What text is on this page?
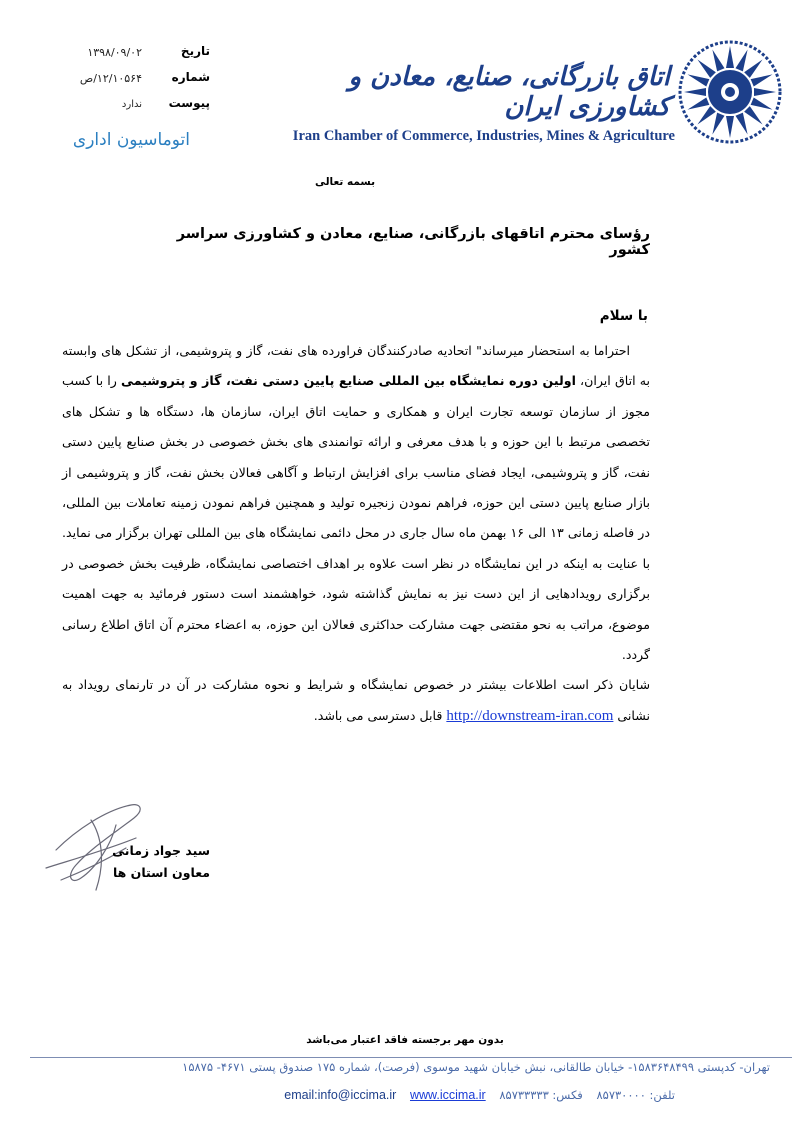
تاریخ
شماره
پیوست
۱۳۹۸/۰۹/۰۲
۱۲/۱۰۵۶۴/ص
ندارد
اتوماسیون اداری
اتاق بازرگانی، صنایع، معادن و کشاورزی ایران
Iran Chamber of Commerce, Industries, Mines & Agriculture
بسمه تعالی
رؤسای محترم اتاقهای بازرگانی، صنایع، معادن و کشاورزی سراسر کشور
با سلام

احتراما به استحضار میرساند" اتحادیه صادرکنندگان فراورده های نفت، گاز و پتروشیمی، از تشکل های وابسته به اتاق ایران، اولین دوره نمایشگاه بین المللی صنایع پایین دستی نفت، گاز و پتروشیمی را با کسب مجوز از سازمان توسعه تجارت ایران و همکاری و حمایت اتاق ایران، سازمان ها، دستگاه ها و تشکل های تخصصی مرتبط با این حوزه و با هدف معرفی و ارائه توانمندی های بخش خصوصی در بخش صنایع پایین دستی نفت، گاز و پتروشیمی، ایجاد فضای مناسب برای افزایش ارتباط و آگاهی فعالان بخش نفت، گاز و پتروشیمی از بازار صنایع پایین دستی این حوزه، فراهم نمودن زنجیره تولید و همچنین فراهم نمودن زمینه تعاملات بین المللی، در فاصله زمانی ۱۳ الی ۱۶ بهمن ماه سال جاری در محل دائمی نمایشگاه های بین المللی تهران برگزار می نماید. با عنایت به اینکه در این نمایشگاه در نظر است علاوه بر اهداف اختصاصی نمایشگاه، ظرفیت بخش خصوصی در برگزاری رویدادهایی از این دست نیز به نمایش گذاشته شود، خواهشمند است دستور فرمائید به جهت اهمیت موضوع، مراتب به نحو مقتضی جهت مشارکت حداکثری فعالان این حوزه، به اعضاء محترم آن اتاق اطلاع رسانی گردد.

شایان ذکر است اطلاعات بیشتر در خصوص نمایشگاه و شرایط و نحوه مشارکت در آن در تارنمای رویداد به نشانی http://downstream-iran.com قابل دسترسی می باشد.

سید جواد زمانی
معاون استان ها
بدون مهر برجسته فاقد اعتبار می‌باشد
تهران- کدپستی ۱۵۸۳۶۴۸۴۹۹- خیابان طالقانی، نبش خیابان شهید موسوی (فرصت)، شماره ۱۷۵ صندوق پستی ۴۶۷۱- ۱۵۸۷۵
تلفن: ۸۵۷۳۰۰۰۰ فکس: ۸۵۷۳۳۳۳۳ email:info@iccima.ir www.iccima.ir
